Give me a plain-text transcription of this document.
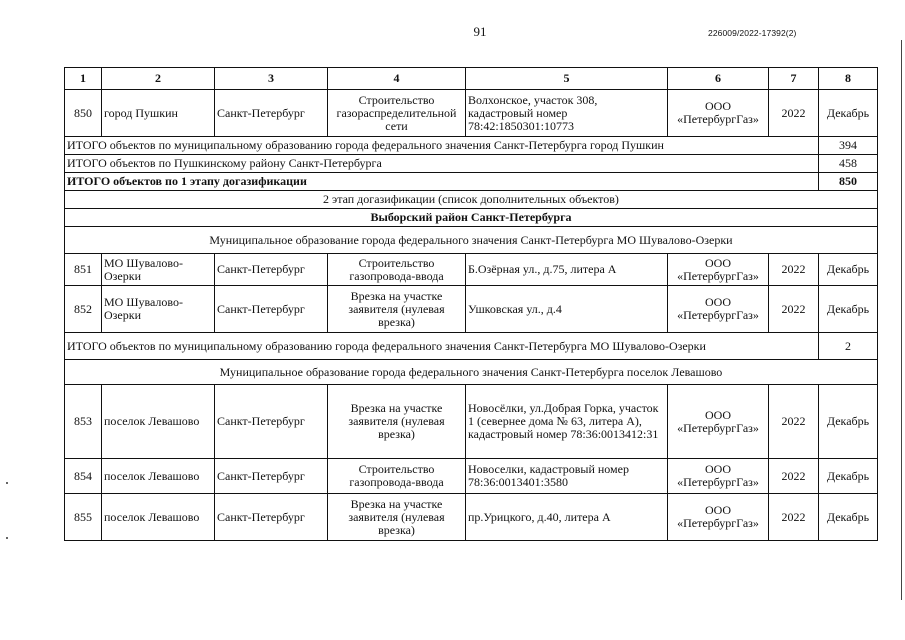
91	226009/2022-17392(2)
1	2	3	4	5	6	7	8
850	город Пушкин	Санкт-Петербург	Строительство газораспределительной сети	Волхонское, участок 308, кадастровый номер 78:42:1850301:10773	ООО «ПетербургГаз»	2022	Декабрь
ИТОГО объектов по муниципальному образованию города федерального значения Санкт-Петербурга город Пушкин							394
ИТОГО объектов по Пушкинскому району Санкт-Петербурга							458
ИТОГО объектов по 1 этапу догазификации							850
2 этап догазификации (список дополнительных объектов)							
Выборский район Санкт-Петербурга							
Муниципальное образование города федерального значения Санкт-Петербурга МО Шувалово-Озерки							
851	МО Шувалово-Озерки	Санкт-Петербург	Строительство газопровода-ввода	Б.Озёрная ул., д.75, литера А	ООО «ПетербургГаз»	2022	Декабрь
852	МО Шувалово-Озерки	Санкт-Петербург	Врезка на участке заявителя (нулевая врезка)	Ушковская ул., д.4	ООО «ПетербургГаз»	2022	Декабрь
ИТОГО объектов по муниципальному образованию города федерального значения Санкт-Петербурга МО Шувалово-Озерки							2
Муниципальное образование города федерального значения Санкт-Петербурга поселок Левашово							
853	поселок Левашово	Санкт-Петербург	Врезка на участке заявителя (нулевая врезка)	Новосёлки, ул.Добрая Горка, участок 1 (севернее дома № 63, литера А), кадастровый номер 78:36:0013412:31	ООО «ПетербургГаз»	2022	Декабрь
854	поселок Левашово	Санкт-Петербург	Строительство газопровода-ввода	Новоселки, кадастровый номер 78:36:0013401:3580	ООО «ПетербургГаз»	2022	Декабрь
855	поселок Левашово	Санкт-Петербург	Врезка на участке заявителя (нулевая врезка)	пр.Урицкого, д.40, литера А	ООО «ПетербургГаз»	2022	Декабрь
